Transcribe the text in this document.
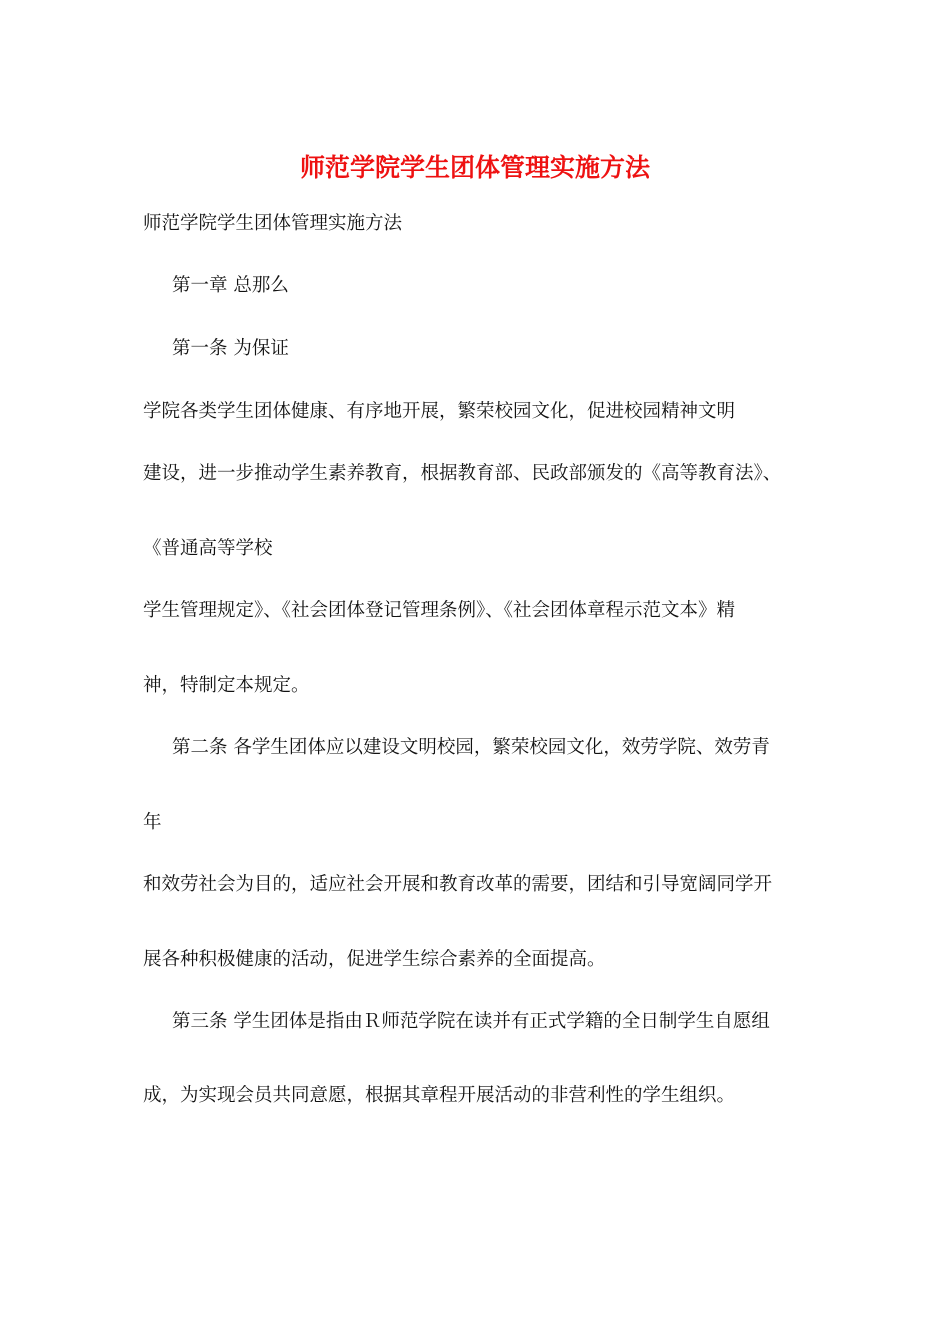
师范学院学生团体管理实施方法
师范学院学生团体管理实施方法
第一章 总那么
第一条 为保证
学院各类学生团体健康、有序地开展，繁荣校园文化，促进校园精神文明
建设，进一步推动学生素养教育，根据教育部、民政部颁发的《高等教育法》、
《普通高等学校
学生管理规定》、《社会团体登记管理条例》、《社会团体章程示范文本》精
神，特制定本规定。
第二条 各学生团体应以建设文明校园，繁荣校园文化，效劳学院、效劳青
年
和效劳社会为目的，适应社会开展和教育改革的需要，团结和引导宽阔同学开
展各种积极健康的活动，促进学生综合素养的全面提高。
第三条 学生团体是指由Ｒ师范学院在读并有正式学籍的全日制学生自愿组
成，为实现会员共同意愿，根据其章程开展活动的非营利性的学生组织。
